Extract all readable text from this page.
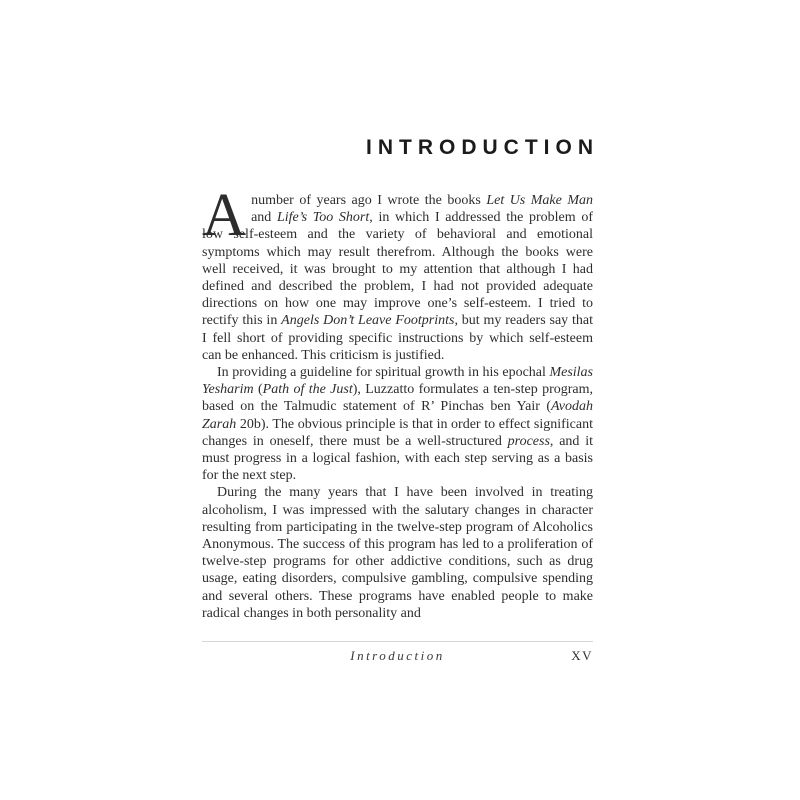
INTRODUCTION

Anumber of years ago I wrote the books Let Us Make Man and Life’s Too Short, in which I addressed the problem of low self-esteem and the variety of behavioral and emotional symptoms which may result therefrom. Although the books were well received, it was brought to my attention that although I had defined and described the problem, I had not provided adequate directions on how one may improve one’s self-esteem. I tried to rectify this in Angels Don’t Leave Footprints, but my readers say that I fell short of providing specific instructions by which self-esteem can be enhanced. This criticism is justified.

In providing a guideline for spiritual growth in his epochal Mesilas Yesharim (Path of the Just), Luzzatto formulates a ten-step program, based on the Talmudic statement of R’ Pinchas ben Yair (Avodah Zarah 20b). The obvious principle is that in order to effect significant changes in oneself, there must be a well-structured process, and it must progress in a logical fashion, with each step serving as a basis for the next step.

During the many years that I have been involved in treating alcoholism, I was impressed with the salutary changes in character resulting from participating in the twelve-step program of Alcoholics Anonymous. The success of this program has led to a proliferation of twelve-step programs for other addictive conditions, such as drug usage, eating disorders, compulsive gambling, compulsive spending and several others. These programs have enabled people to make radical changes in both personality and

Introduction	XV
